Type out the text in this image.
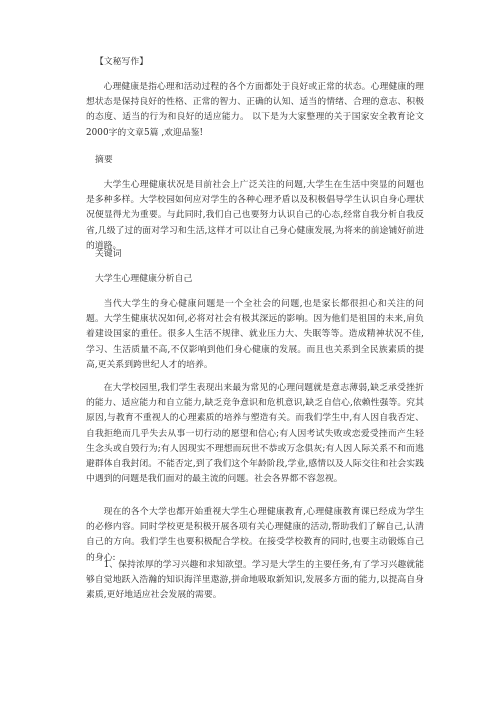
【文秘写作】

心理健康是指心理和活动过程的各个方面都处于良好或正常的状态。心理健康的理想状态是保持良好的性格、正常的智力、正确的认知、适当的情绪、合理的意志、积极的态度、适当的行为和良好的适应能力。 以下是为大家整理的关于国家安全教育论文2000字的文章5篇 ,欢迎品鉴!

摘要

大学生心理健康状况是目前社会上广泛关注的问题,大学生在生活中突显的问题也是多种多样。大学校园如何应对学生的各种心理矛盾以及积极倡导学生认识自身心理状况便显得尤为重要。与此同时,我们自己也要努力认识自己的心态,经常自我分析自我反省,几级了过的面对学习和生活,这样才可以让自己身心健康发展,为将来的前途铺好前进的道路。

关键词

大学生心理健康分析自己

当代大学生的身心健康问题是一个全社会的问题,也是家长都很担心和关注的问题。大学生健康状况如何,必将对社会有极其深远的影响。因为他们是祖国的未来,肩负着建设国家的重任。很多人生活不规律、就业压力大、失眠等等。造成精神状况不佳,学习、生活质量不高,不仅影响到他们身心健康的发展。而且也关系到全民族素质的提高,更关系到跨世纪人才的培养。

在大学校园里,我们学生表现出来最为常见的心理问题就是意志薄弱,缺乏承受挫折的能力、适应能力和自立能力,缺乏竞争意识和危机意识,缺乏自信心,依赖性强等。究其原因,与教育不重视人的心理素质的培养与塑造有关。而我们学生中,有人因自我否定、自我拒绝而几乎失去从事一切行动的愿望和信心;有人因考试失败或恋爱受挫而产生轻生念头或自毁行为;有人因现实不理想而玩世不恭或万念俱灰;有人因人际关系不和而逃避群体自我封闭。不能否定,到了我们这个年龄阶段,学业,感情以及人际交往和社会实践中遇到的问题是我们面对的最主流的问题。社会各界都不容忽视。

现在的各个大学也都开始重视大学生心理健康教育,心理健康教育课已经成为学生的必修内容。同时学校更是积极开展各项有关心理健康的活动,帮助我们了解自己,认清自己的方向。我们学生也要积极配合学校。在接受学校教育的同时,也要主动锻炼自己的身心:

1、保持浓厚的学习兴趣和求知欲望。学习是大学生的主要任务,有了学习兴趣就能够自觉地跃入浩瀚的知识海洋里遨游,拼命地吸取新知识,发展多方面的能力,以提高自身素质,更好地适应社会发展的需要。
